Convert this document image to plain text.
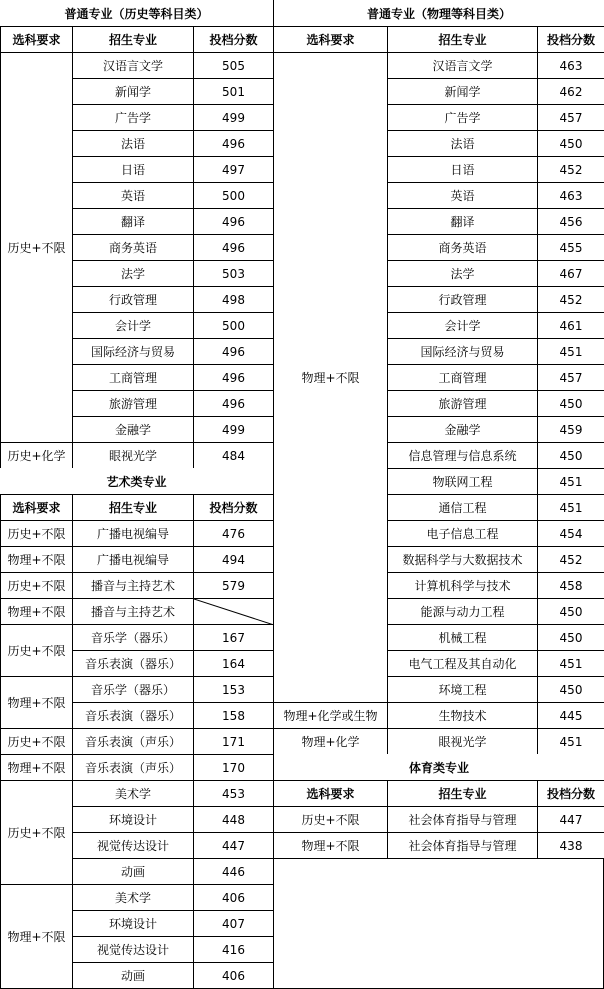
普通专业（历史等科目类）
选科要求	招生专业	投档分数
历史+不限
汉语言文学	505
新闻学	501
广告学	499
法语	496
日语	497
英语	500
翻译	496
商务英语	496
法学	503
行政管理	498
会计学	500
国际经济与贸易	496
工商管理	496
旅游管理	496
金融学	499
历史+化学	眼视光学	484
艺术类专业
选科要求	招生专业	投档分数
历史+不限	广播电视编导	476
物理+不限	广播电视编导	494
历史+不限	播音与主持艺术	579
物理+不限	播音与主持艺术
历史+不限
音乐学（器乐）	167
音乐表演（器乐）	164
物理+不限
音乐学（器乐）	153
音乐表演（器乐）	158
历史+不限	音乐表演（声乐）	171
物理+不限	音乐表演（声乐）	170
历史+不限
美术学	453
环境设计	448
视觉传达设计	447
动画	446
物理+不限
美术学	406
环境设计	407
视觉传达设计	416
动画	406
普通专业（物理等科目类）
选科要求	招生专业	投档分数
物理+不限
汉语言文学	463
新闻学	462
广告学	457
法语	450
日语	452
英语	463
翻译	456
商务英语	455
法学	467
行政管理	452
会计学	461
国际经济与贸易	451
工商管理	457
旅游管理	450
金融学	459
信息管理与信息系统	450
物联网工程	451
通信工程	451
电子信息工程	454
数据科学与大数据技术	452
计算机科学与技术	458
能源与动力工程	450
机械工程	450
电气工程及其自动化	451
环境工程	450
物理+化学或生物	生物技术	445
物理+化学	眼视光学	451
体育类专业
选科要求	招生专业	投档分数
历史+不限	社会体育指导与管理	447
物理+不限	社会体育指导与管理	438
